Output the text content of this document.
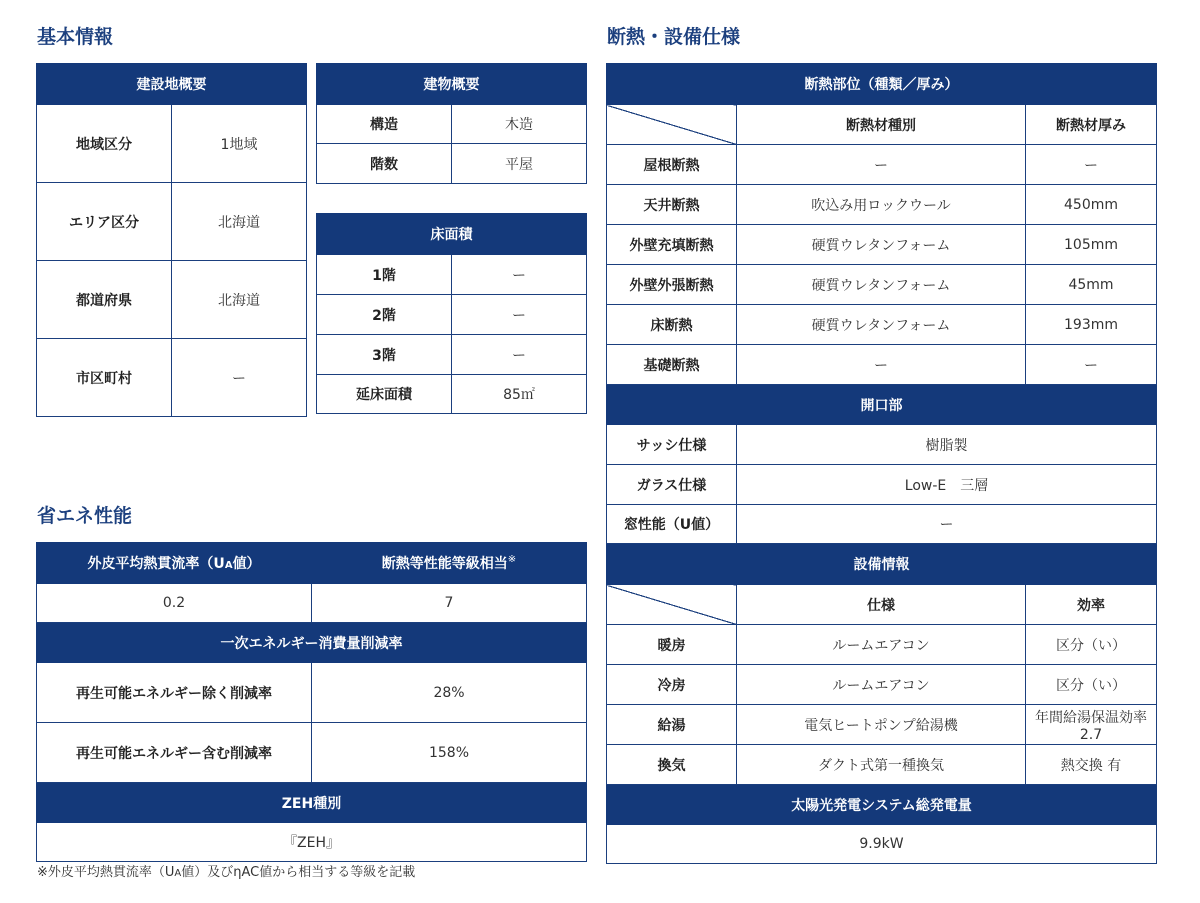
基本情報
建設地概要	
地域区分	1地域
エリア区分	北海道
都道府県	北海道
市区町村	ー
建物概要	
構造	木造
階数	平屋
床面積	
1階	ー
2階	ー
3階	ー
延床面積	85㎡
省エネ性能
外皮平均熱貫流率（UA値）	断熱等性能等級相当※
0.2	7
一次エネルギー消費量削減率	
再生可能エネルギー除く削減率	28%
再生可能エネルギー含む削減率	158%
ZEH種別	
『ZEH』	

※外皮平均熱貫流率（UA値）及びηAC値から相当する等級を記載

断熱・設備仕様
断熱部位（種類／厚み）		
	断熱材種別	断熱材厚み
屋根断熱	ー	ー
天井断熱	吹込み用ロックウール	450mm
外壁充填断熱	硬質ウレタンフォーム	105mm
外壁外張断熱	硬質ウレタンフォーム	45mm
床断熱	硬質ウレタンフォーム	193mm
基礎断熱	ー	ー
開口部		
サッシ仕様	樹脂製	
ガラス仕様	Low-E　三層	
窓性能（U値）	ー	
設備情報		
	仕様	効率
暖房	ルームエアコン	区分（い）
冷房	ルームエアコン	区分（い）
給湯	電気ヒートポンプ給湯機	年間給湯保温効率2.7
換気	ダクト式第一種換気	熱交換 有
太陽光発電システム総発電量		
9.9kW		
